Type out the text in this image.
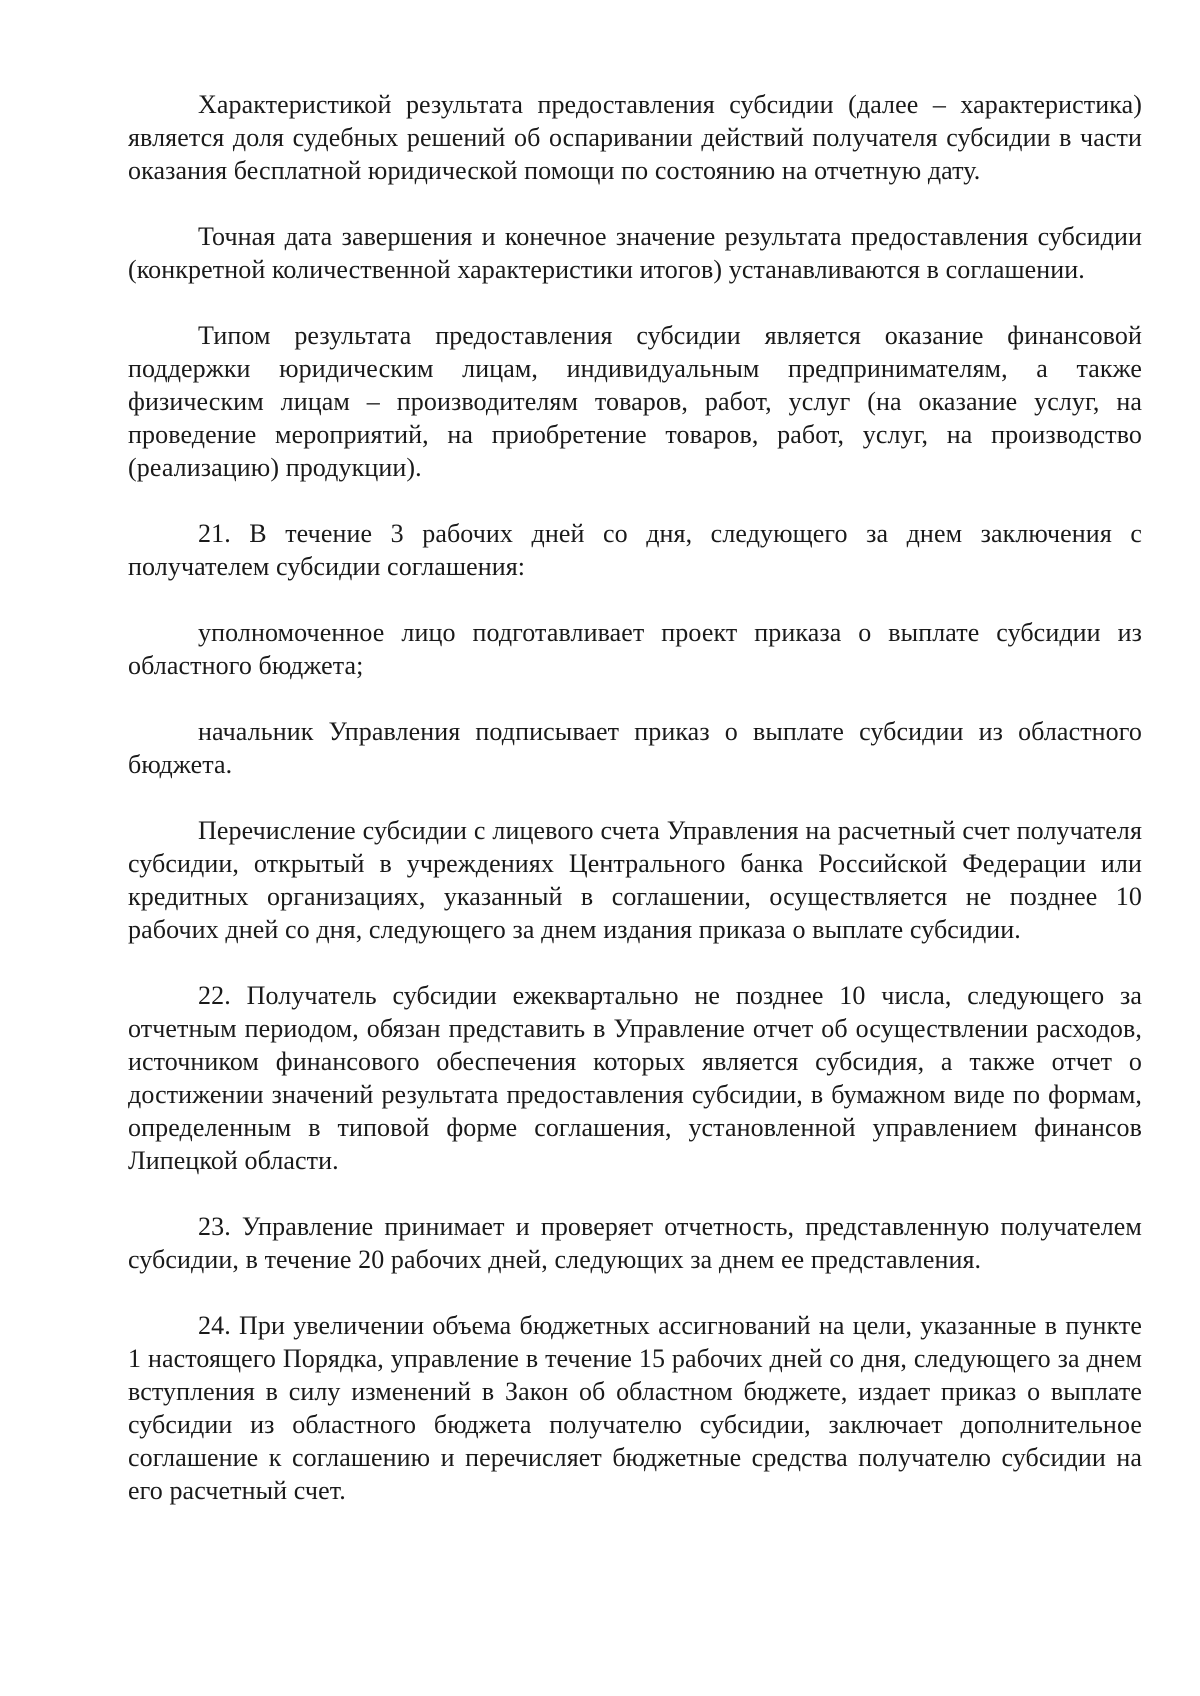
Характеристикой результата предоставления субсидии (далее – характеристика) является доля судебных решений об оспаривании действий получателя субсидии в части оказания бесплатной юридической помощи по состоянию на отчетную дату.

Точная дата завершения и конечное значение результата предоставления субсидии (конкретной количественной характеристики итогов) устанавливаются в соглашении.

Типом результата предоставления субсидии является оказание финансовой поддержки юридическим лицам, индивидуальным предпринимателям, а также физическим лицам – производителям товаров, работ, услуг (на оказание услуг, на проведение мероприятий, на приобретение товаров, работ, услуг, на производство (реализацию) продукции).

21. В течение 3 рабочих дней со дня, следующего за днем заключения с получателем субсидии соглашения:

уполномоченное лицо подготавливает проект приказа о выплате субсидии из областного бюджета;

начальник Управления подписывает приказ о выплате субсидии из областного бюджета.

Перечисление субсидии с лицевого счета Управления на расчетный счет получателя субсидии, открытый в учреждениях Центрального банка Российской Федерации или кредитных организациях, указанный в соглашении, осуществляется не позднее 10 рабочих дней со дня, следующего за днем издания приказа о выплате субсидии.

22. Получатель субсидии ежеквартально не позднее 10 числа, следующего за отчетным периодом, обязан представить в Управление отчет об осуществлении расходов, источником финансового обеспечения которых является субсидия, а также отчет о достижении значений результата предоставления субсидии, в бумажном виде по формам, определенным в типовой форме соглашения, установленной управлением финансов Липецкой области.

23. Управление принимает и проверяет отчетность, представленную получателем субсидии, в течение 20 рабочих дней, следующих за днем ее представления.

24. При увеличении объема бюджетных ассигнований на цели, указанные в пункте 1 настоящего Порядка, управление в течение 15 рабочих дней со дня, следующего за днем вступления в силу изменений в Закон об областном бюджете, издает приказ о выплате субсидии из областного бюджета получателю субсидии, заключает дополнительное соглашение к соглашению и перечисляет бюджетные средства получателю субсидии на его расчетный счет.
